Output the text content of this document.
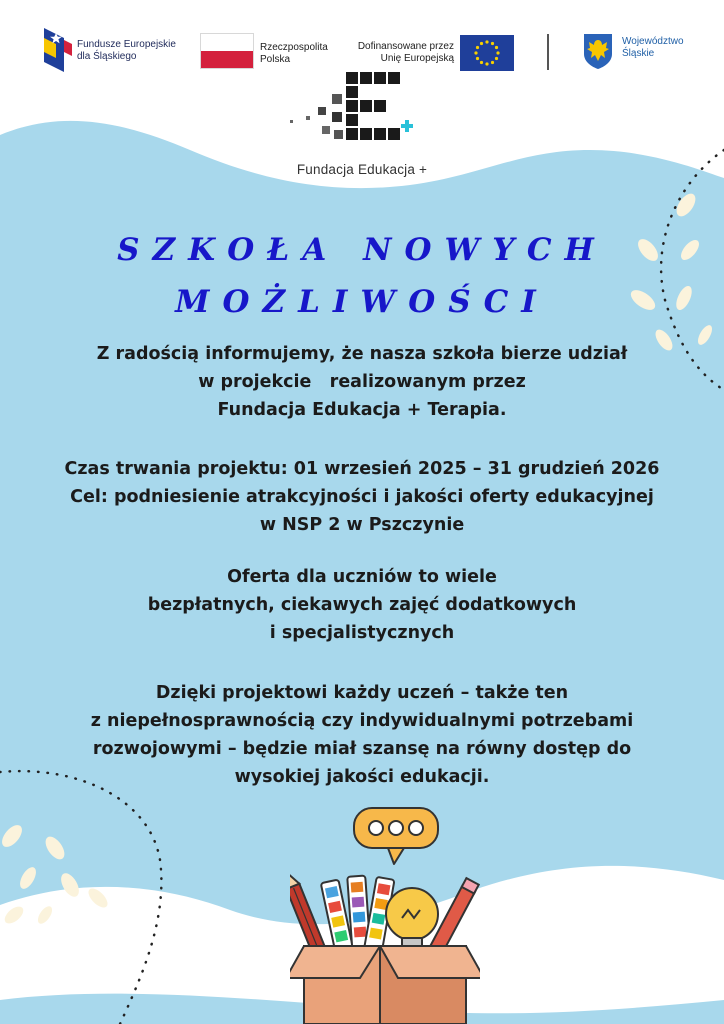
Fundusze Europejskie
dla Śląskiego
Rzeczpospolita
Polska
Dofinansowane przez
Unię Europejską
Województwo
Śląskie
Fundacja Edukacja +
SZKOŁA NOWYCH
MOŻLIWOŚCI
Z radością informujemy, że nasza szkoła bierze udział
w projekcie   realizowanym przez
Fundacja Edukacja + Terapia.
Czas trwania projektu: 01 wrzesień 2025 – 31 grudzień 2026
Cel: podniesienie atrakcyjności i jakości oferty edukacyjnej
w NSP 2 w Pszczynie
Oferta dla uczniów to wiele
bezpłatnych, ciekawych zajęć dodatkowych
i specjalistycznych
Dzięki projektowi każdy uczeń – także ten
z niepełnosprawnością czy indywidualnymi potrzebami
rozwojowymi – będzie miał szansę na równy dostęp do
wysokiej jakości edukacji.
